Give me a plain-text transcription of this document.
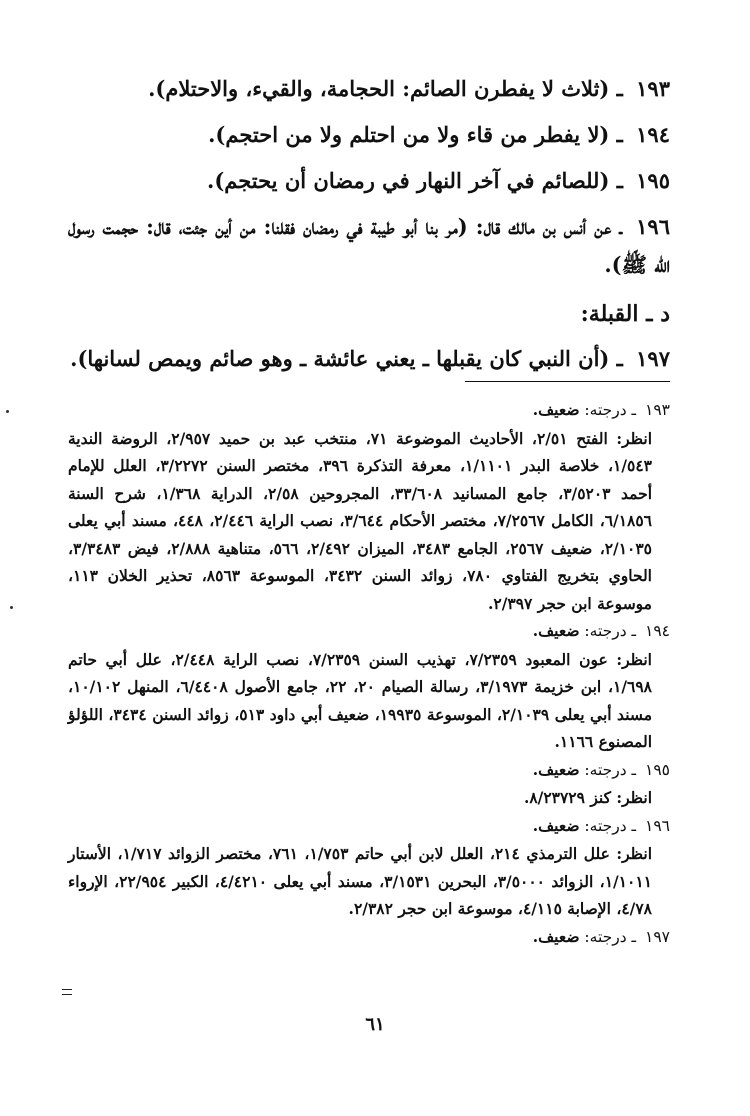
١٩٣ ـ (ثلاث لا يفطرن الصائم: الحجامة، والقيء، والاحتلام).

١٩٤ ـ (لا يفطر من قاء ولا من احتلم ولا من احتجم).

١٩٥ ـ (للصائم في آخر النهار في رمضان أن يحتجم).

١٩٦ ـ عن أنس بن مالك قال: (مر بنا أبو طيبة في رمضان فقلنا: من أين جئت، قال: حجمت رسول الله ﷺ).

د ـ القبلة:

١٩٧ ـ (أن النبي كان يقبلها ـ يعني عائشة ـ وهو صائم ويمص لسانها).

١٩٣ ـ درجته: ضعيف.

انظر: الفتح ٢/٥١، الأحاديث الموضوعة ٧١، منتخب عبد بن حميد ٢/٩٥٧، الروضة الندية ١/٥٤٣، خلاصة البدر ١/١١٠١، معرفة التذكرة ٣٩٦، مختصر السنن ٣/٢٢٧٢، العلل للإمام أحمد ٣/٥٢٠٣، جامع المسانيد ٣٣/٦٠٨، المجروحين ٢/٥٨، الدراية ١/٣٦٨، شرح السنة ٦/١٨٥٦، الكامل ٧/٢٥٦٧، مختصر الأحكام ٣/٦٤٤، نصب الراية ٢/٤٤٦، ٤٤٨، مسند أبي يعلى ٢/١٠٣٥، ضعيف ٢٥٦٧، الجامع ٣٤٨٣، الميزان ٢/٤٩٢، ٥٦٦، متناهية ٢/٨٨٨، فيض ٣/٣٤٨٣، الحاوي بتخريج الفتاوي ٧٨٠، زوائد السنن ٣٤٣٢، الموسوعة ٨٥٦٣، تحذير الخلان ١١٣، موسوعة ابن حجر ٢/٣٩٧.

١٩٤ ـ درجته: ضعيف.

انظر: عون المعبود ٧/٢٣٥٩، تهذيب السنن ٧/٢٣٥٩، نصب الراية ٢/٤٤٨، علل أبي حاتم ١/٦٩٨، ابن خزيمة ٣/١٩٧٣، رسالة الصيام ٢٠، ٢٢، جامع الأصول ٦/٤٤٠٨، المنهل ١٠/١٠٢، مسند أبي يعلى ٢/١٠٣٩، الموسوعة ١٩٩٣٥، ضعيف أبي داود ٥١٣، زوائد السنن ٣٤٣٤، اللؤلؤ المصنوع ١١٦٦.

١٩٥ ـ درجته: ضعيف.

انظر: كنز ٨/٢٣٧٢٩.

١٩٦ ـ درجته: ضعيف.

انظر: علل الترمذي ٢١٤، العلل لابن أبي حاتم ١/٧٥٣، ٧٦١، مختصر الزوائد ١/٧١٧، الأستار ١/١٠١١، الزوائد ٣/٥٠٠٠، البحرين ٣/١٥٣١، مسند أبي يعلى ٤/٤٢١٠، الكبير ٢٢/٩٥٤، الإرواء ٤/٧٨، الإصابة ٤/١١٥، موسوعة ابن حجر ٢/٣٨٢.

١٩٧ ـ درجته: ضعيف.

٦١
